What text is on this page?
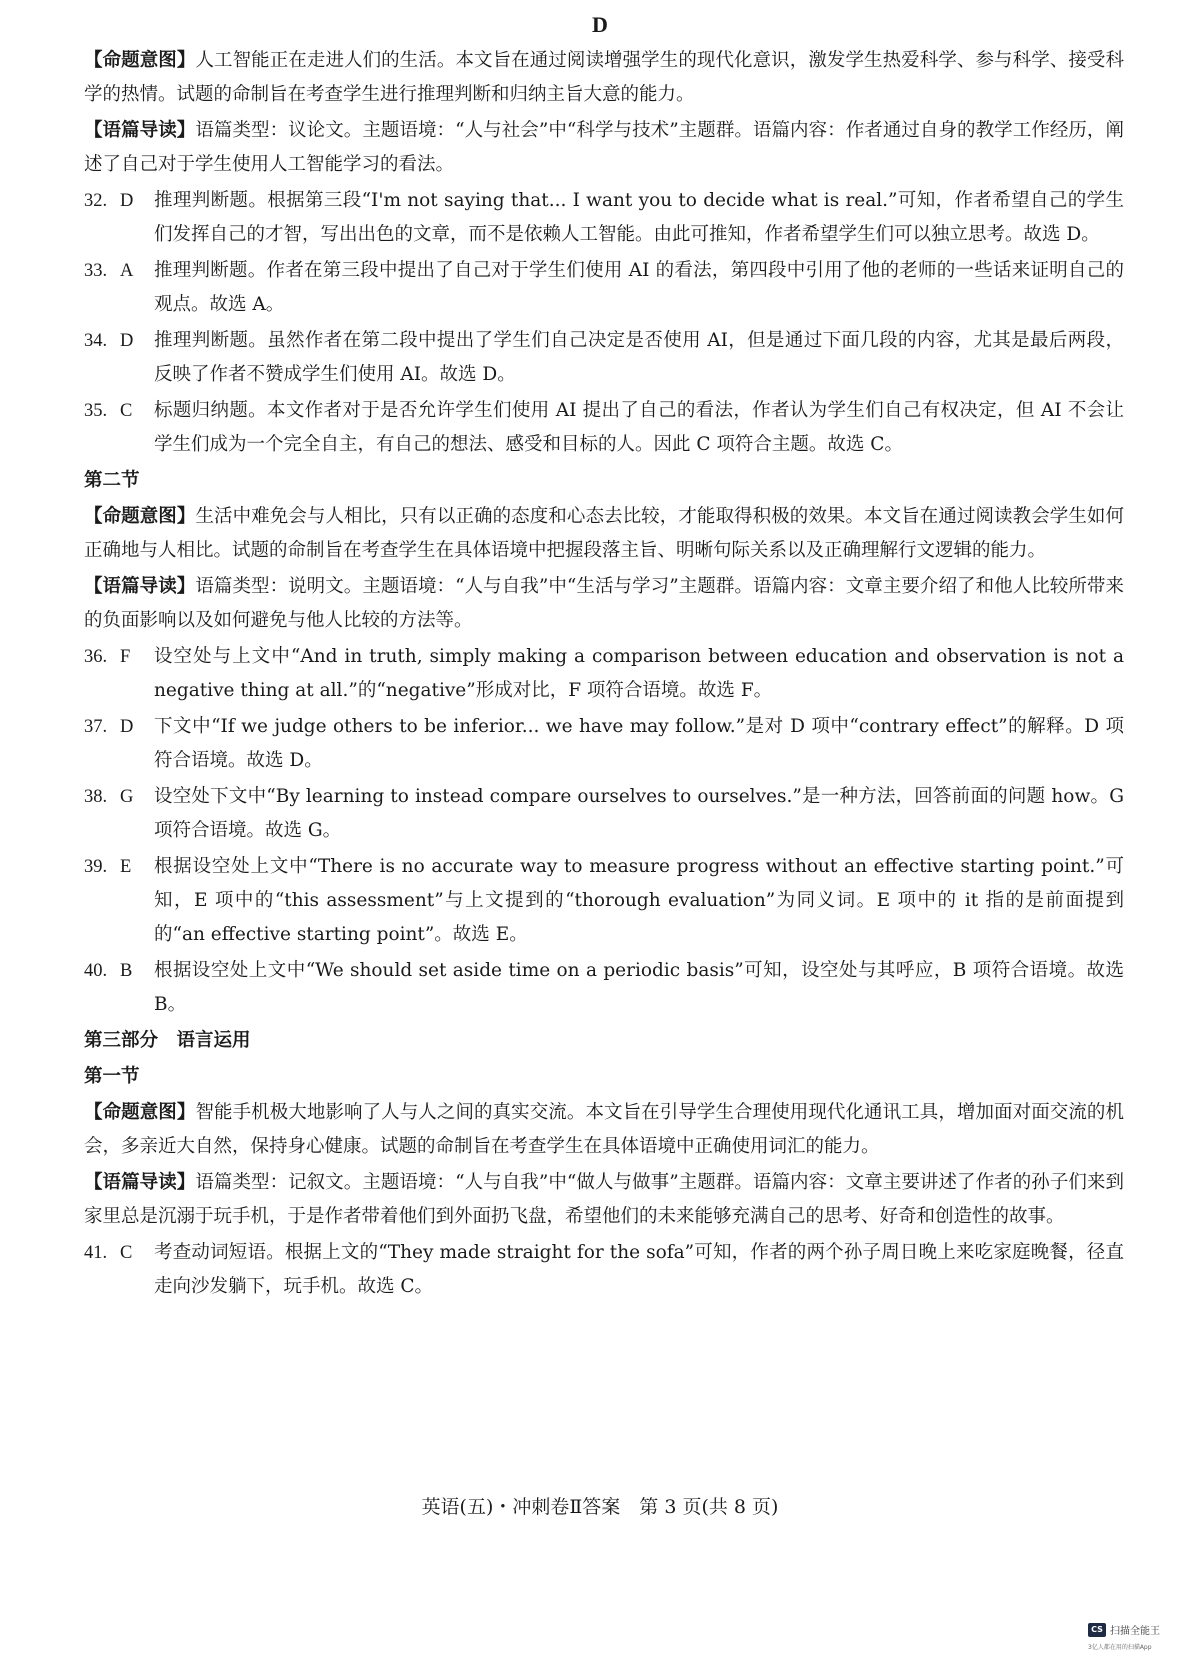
D
【命题意图】人工智能正在走进人们的生活。本文旨在通过阅读增强学生的现代化意识，激发学生热爱科学、参与科学、接受科学的热情。试题的命制旨在考查学生进行推理判断和归纳主旨大意的能力。
【语篇导读】语篇类型：议论文。主题语境：“人与社会”中“科学与技术”主题群。语篇内容：作者通过自身的教学工作经历，阐述了自己对于学生使用人工智能学习的看法。
32. D	推理判断题。根据第三段“I'm not saying that... I want you to decide what is real.”可知，作者希望自己的学生们发挥自己的才智，写出出色的文章，而不是依赖人工智能。由此可推知，作者希望学生们可以独立思考。故选 D。
33. A	推理判断题。作者在第三段中提出了自己对于学生们使用 AI 的看法，第四段中引用了他的老师的一些话来证明自己的观点。故选 A。
34. D	推理判断题。虽然作者在第二段中提出了学生们自己决定是否使用 AI，但是通过下面几段的内容，尤其是最后两段，反映了作者不赞成学生们使用 AI。故选 D。
35. C	标题归纳题。本文作者对于是否允许学生们使用 AI 提出了自己的看法，作者认为学生们自己有权决定，但 AI 不会让学生们成为一个完全自主，有自己的想法、感受和目标的人。因此 C 项符合主题。故选 C。
第二节
【命题意图】生活中难免会与人相比，只有以正确的态度和心态去比较，才能取得积极的效果。本文旨在通过阅读教会学生如何正确地与人相比。试题的命制旨在考查学生在具体语境中把握段落主旨、明晰句际关系以及正确理解行文逻辑的能力。
【语篇导读】语篇类型：说明文。主题语境：“人与自我”中“生活与学习”主题群。语篇内容：文章主要介绍了和他人比较所带来的负面影响以及如何避免与他人比较的方法等。
36. F	设空处与上文中“And in truth, simply making a comparison between education and observation is not a negative thing at all.”的“negative”形成对比，F 项符合语境。故选 F。
37. D	下文中“If we judge others to be inferior... we have may follow.”是对 D 项中“contrary effect”的解释。D 项符合语境。故选 D。
38. G	设空处下文中“By learning to instead compare ourselves to ourselves.”是一种方法，回答前面的问题 how。G 项符合语境。故选 G。
39. E	根据设空处上文中“There is no accurate way to measure progress without an effective starting point.”可知，E 项中的“this assessment”与上文提到的“thorough evaluation”为同义词。E 项中的 it 指的是前面提到的“an effective starting point”。故选 E。
40. B	根据设空处上文中“We should set aside time on a periodic basis”可知，设空处与其呼应，B 项符合语境。故选 B。
第三部分　语言运用
第一节
【命题意图】智能手机极大地影响了人与人之间的真实交流。本文旨在引导学生合理使用现代化通讯工具，增加面对面交流的机会，多亲近大自然，保持身心健康。试题的命制旨在考查学生在具体语境中正确使用词汇的能力。
【语篇导读】语篇类型：记叙文。主题语境：“人与自我”中“做人与做事”主题群。语篇内容：文章主要讲述了作者的孙子们来到家里总是沉溺于玩手机，于是作者带着他们到外面扔飞盘，希望他们的未来能够充满自己的思考、好奇和创造性的故事。
41. C	考查动词短语。根据上文的“They made straight for the sofa”可知，作者的两个孙子周日晚上来吃家庭晚餐，径直走向沙发躺下，玩手机。故选 C。
英语(五)・冲刺卷Ⅱ答案　第 3 页(共 8 页)
CS 扫描全能王
3亿人都在用的扫描App
